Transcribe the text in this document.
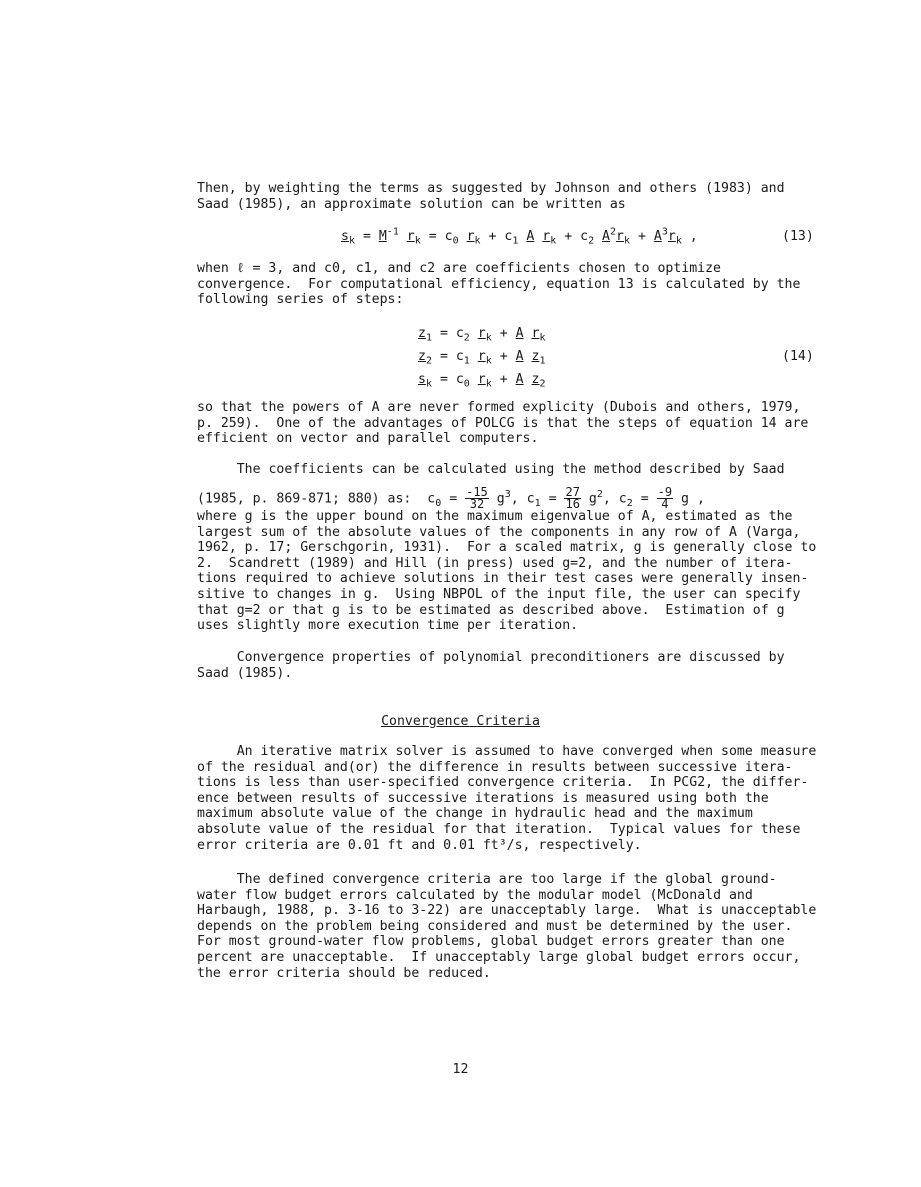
Then, by weighting the terms as suggested by Johnson and others (1983) and
Saad (1985), an approximate solution can be written as

$s_k = M^{-1}$ $r_k = c_0$ $r_k + c_1$ A $r_k + c_2$ $A^2r_k + A^3r_k$ ,	(13)

when ℓ = 3, and c0, c1, and c2 are coefficients chosen to optimize
convergence.  For computational efficiency, equation 13 is calculated by the
following series of steps:

$z_1 = c_2$ $r_k + A$ $r_k$
$z_2 = c_1$ $r_k + A$ $z_1$
$s_k = c_0$ $r_k + A$ $z_2$
(14)

so that the powers of A are never formed explicity (Dubois and others, 1979,
p. 259).  One of the advantages of POLCG is that the steps of equation 14 are
efficient on vector and parallel computers.

The coefficients can be calculated using the method described by Saad

(1985, p. 869-871; 880) as: $c_0 = \frac{-15}{32} g^3$, $c_1 = \frac{27}{16} g^2$, $c_2 = \frac{-9}{4}$ g ,

where g is the upper bound on the maximum eigenvalue of A, estimated as the
largest sum of the absolute values of the components in any row of A (Varga,
1962, p. 17; Gerschgorin, 1931).  For a scaled matrix, g is generally close to
2.  Scandrett (1989) and Hill (in press) used g=2, and the number of itera-
tions required to achieve solutions in their test cases were generally insen-
sitive to changes in g.  Using NBPOL of the input file, the user can specify
that g=2 or that g is to be estimated as described above.  Estimation of g
uses slightly more execution time per iteration.

Convergence properties of polynomial preconditioners are discussed by
Saad (1985).

Convergence Criteria

An iterative matrix solver is assumed to have converged when some measure
of the residual and(or) the difference in results between successive itera-
tions is less than user-specified convergence criteria.  In PCG2, the differ-
ence between results of successive iterations is measured using both the
maximum absolute value of the change in hydraulic head and the maximum
absolute value of the residual for that iteration.  Typical values for these
error criteria are 0.01 ft and 0.01 ft³/s, respectively.

The defined convergence criteria are too large if the global ground-
water flow budget errors calculated by the modular model (McDonald and
Harbaugh, 1988, p. 3-16 to 3-22) are unacceptably large.  What is unacceptable
depends on the problem being considered and must be determined by the user.
For most ground-water flow problems, global budget errors greater than one
percent are unacceptable.  If unacceptably large global budget errors occur,
the error criteria should be reduced.

12
